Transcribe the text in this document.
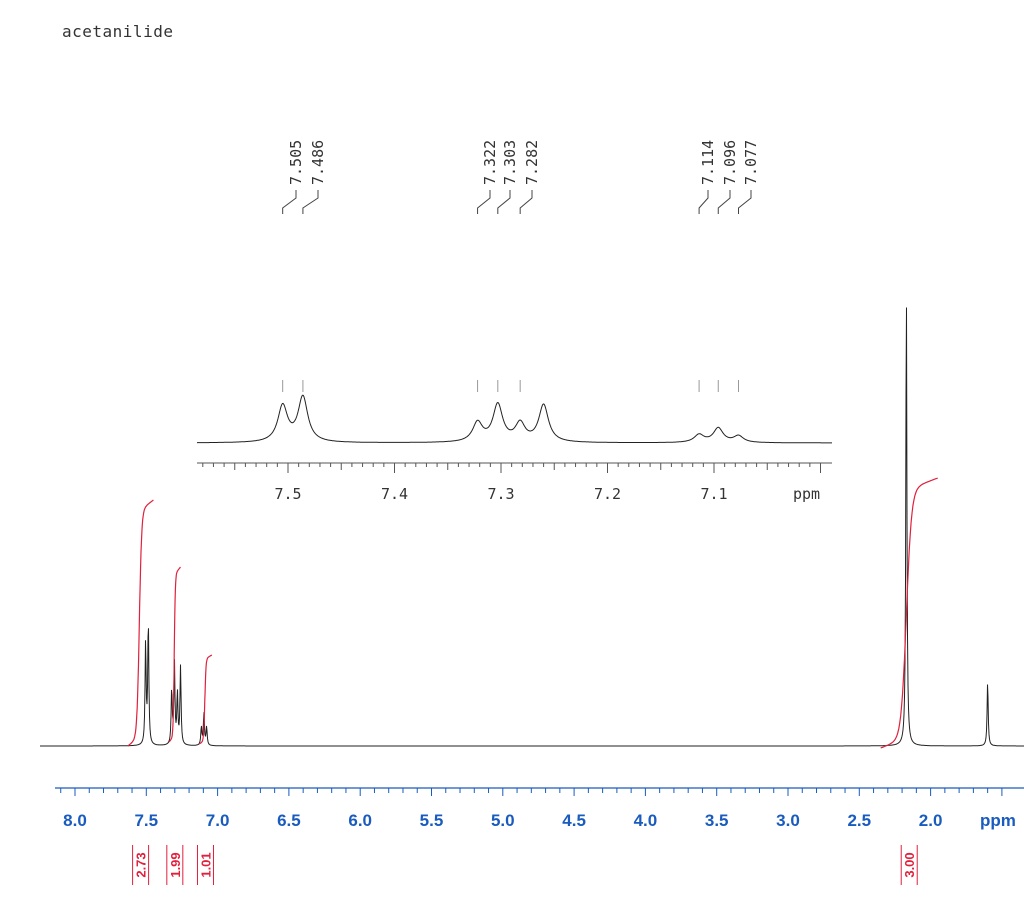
acetanilide
8.0	7.5	7.0	6.5	6.0	5.5	5.0	4.5	4.0	3.5	3.0	2.5	2.0 ppm
2.73 1.99 1.01	3.00
7.5	7.4	7.3	7.2	7.1	ppm
7.505 7.486	7.322 7.303 7.282	7.114 7.096 7.077
